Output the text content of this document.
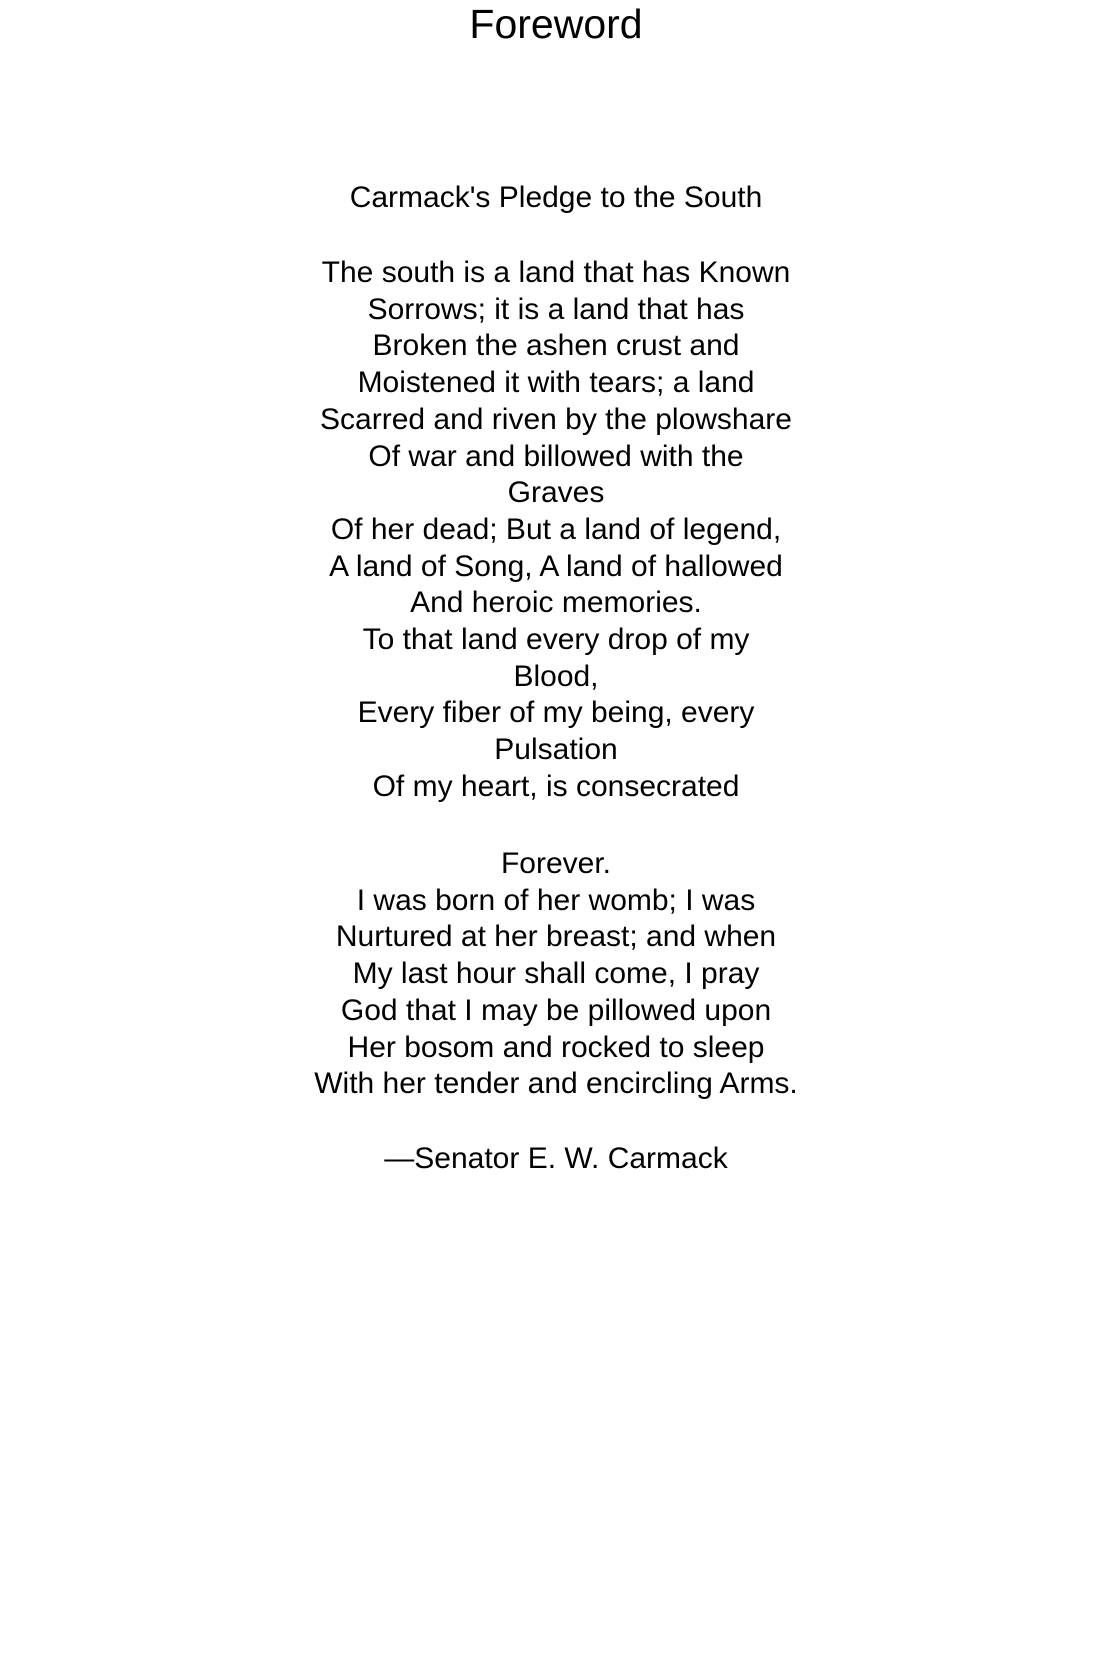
Foreword
Carmack's Pledge to the South
The south is a land that has Known
Sorrows; it is a land that has
Broken the ashen crust and
Moistened it with tears; a land
Scarred and riven by the plowshare
Of war and billowed with the
Graves
Of her dead; But a land of legend,
A land of Song, A land of hallowed
And heroic memories.
To that land every drop of my
Blood,
Every fiber of my being, every
Pulsation
Of my heart, is consecrated
Forever.
I was born of her womb; I was
Nurtured at her breast; and when
My last hour shall come, I pray
God that I may be pillowed upon
Her bosom and rocked to sleep
With her tender and encircling Arms.

—Senator E. W. Carmack
